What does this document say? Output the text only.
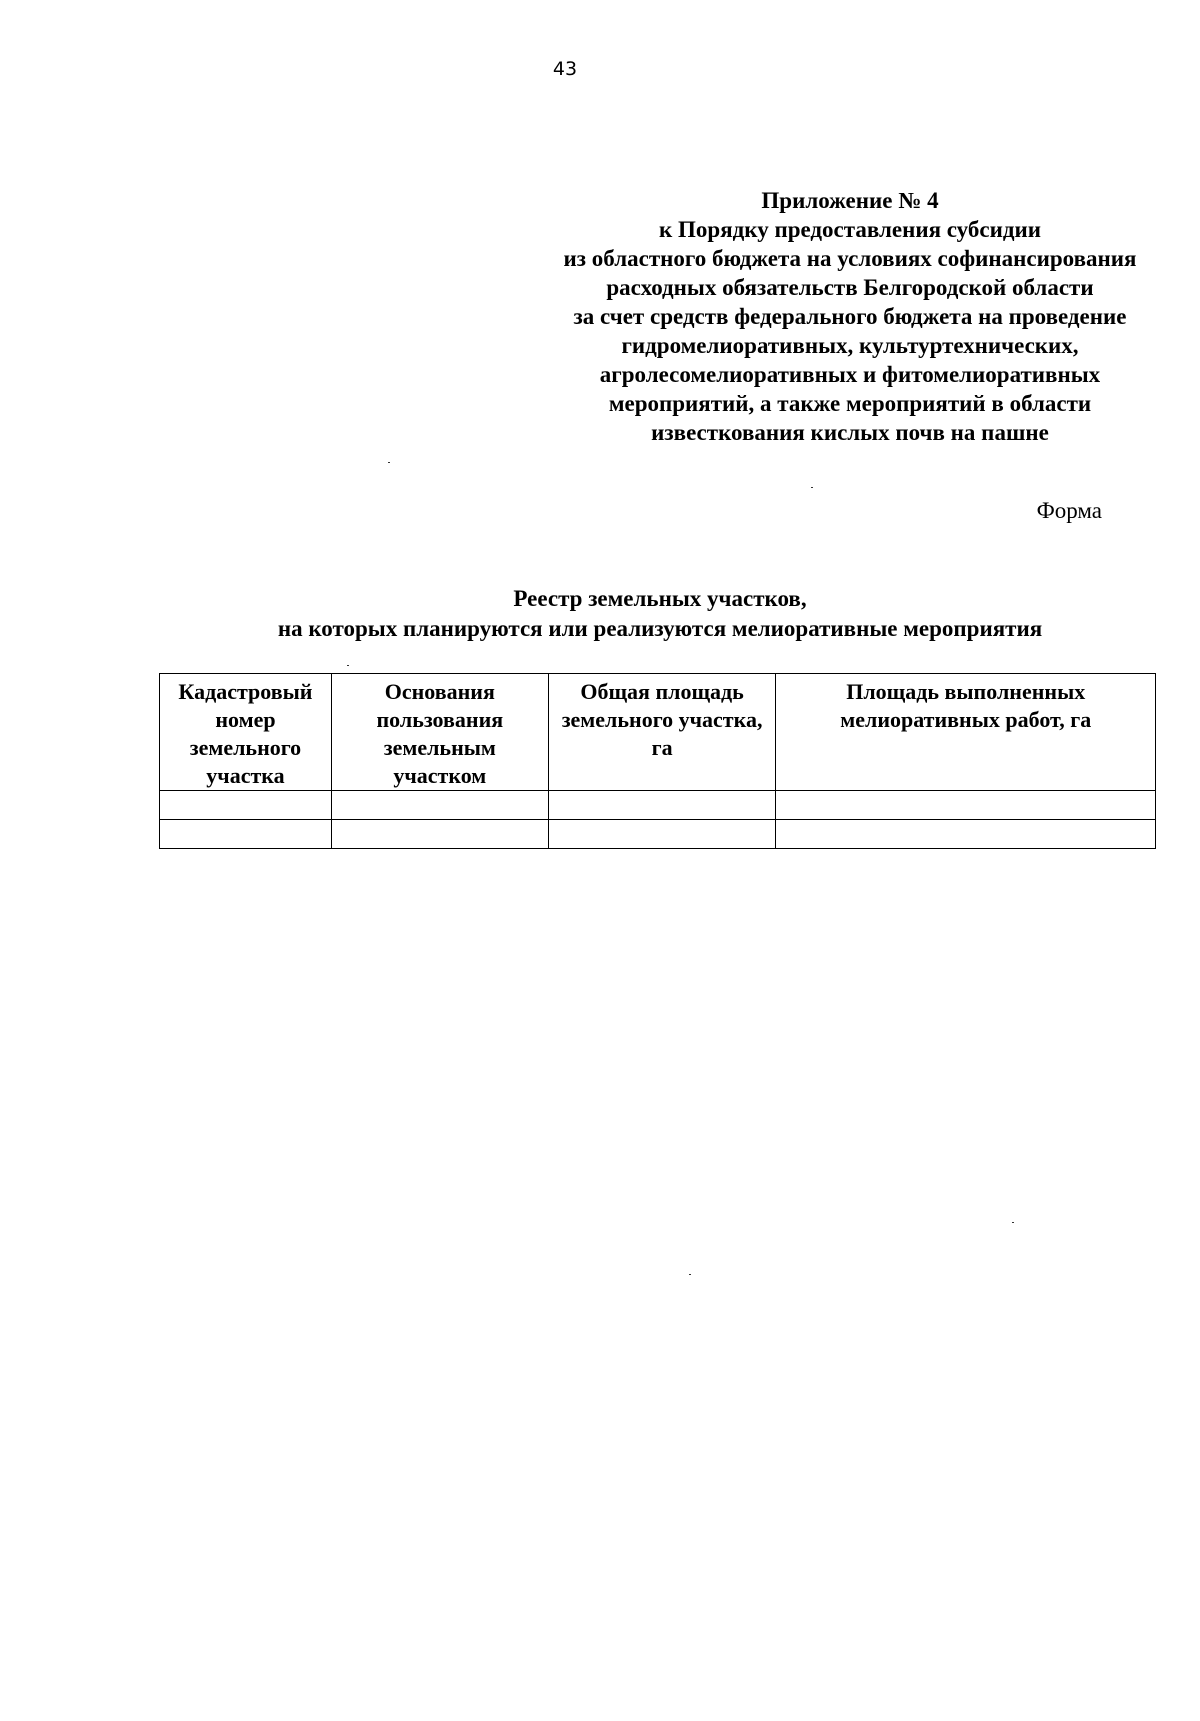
43
Приложение № 4
к Порядку предоставления субсидии
из областного бюджета на условиях софинансирования
расходных обязательств Белгородской области
за счет средств федерального бюджета на проведение
гидромелиоративных, культуртехнических,
агролесомелиоративных и фитомелиоративных
мероприятий, а также мероприятий в области
известкования кислых почв на пашне
Форма
Реестр земельных участков,
на которых планируются или реализуются мелиоративные мероприятия
Кадастровый номер земельного участка	Основания пользования земельным участком	Общая площадь земельного участка, га	Площадь выполненных мелиоративных работ, га
